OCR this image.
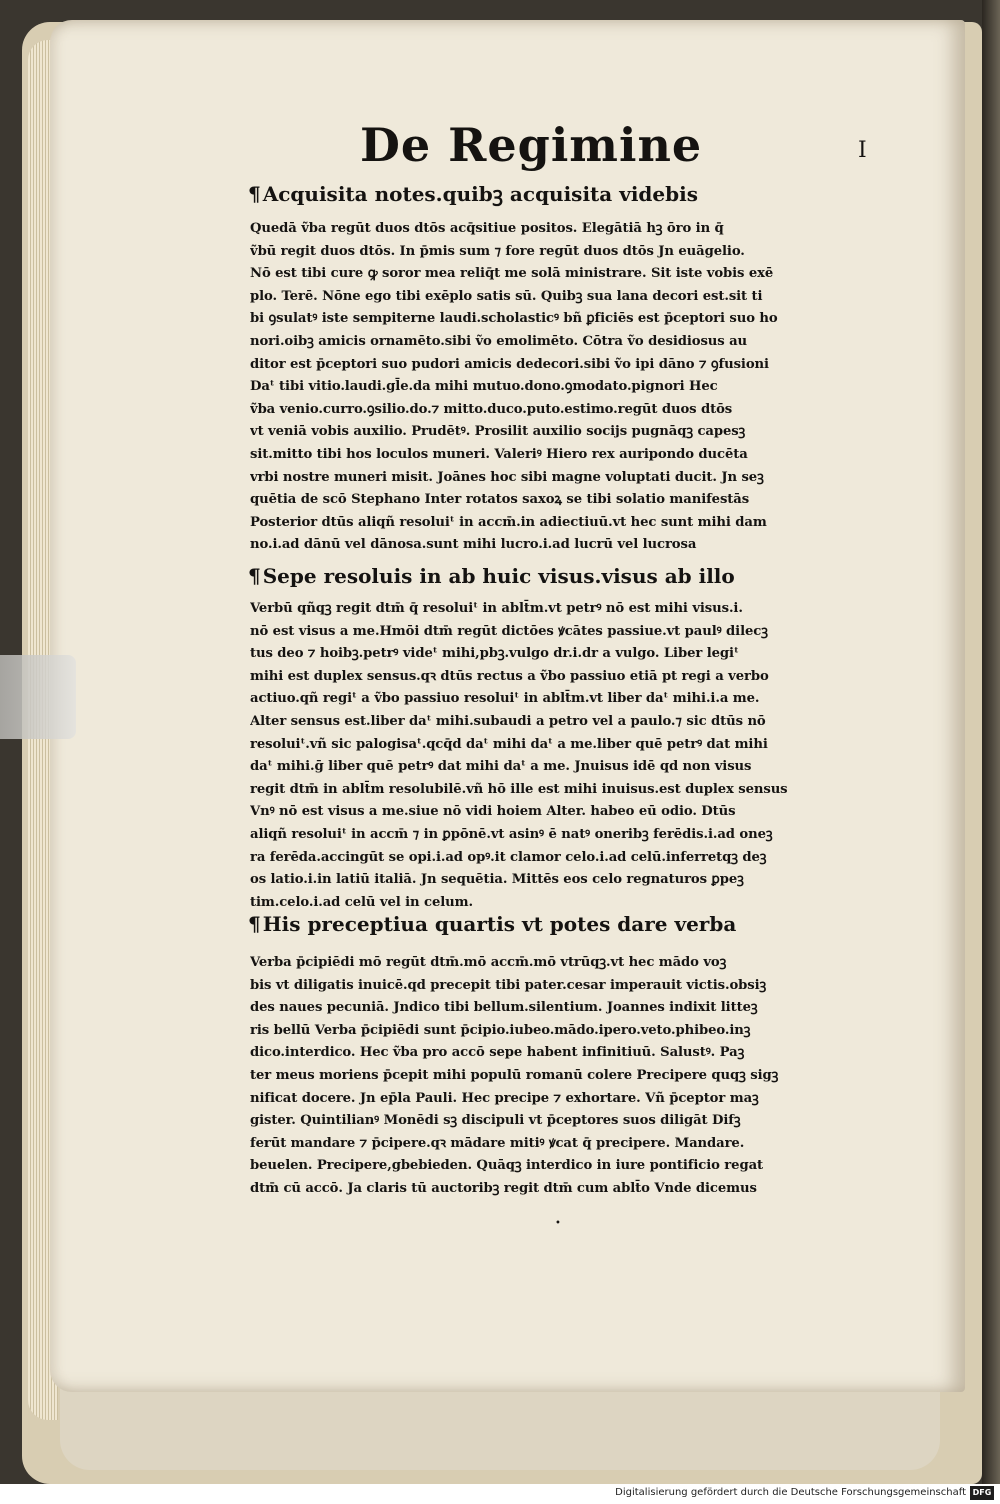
De Regimine	I
¶ Acquisita notes.quibꝫ acquisita videbis
Quedā ṽba regūt duos dtōs acq̄sitiue positos. Elegātiā hꝫ ōro in q̄
ṽbū regit duos dtōs. In p̄mis sum ⁊ fore regūt duos dtōs Jn euāgelio.
Nō est tibi cure ꝙ soror mea reliq̄t me solā ministrare. Sit iste vobis exē
plo. Terē. Nōne ego tibi exēplo satis sū. Quibꝫ sua lana decori est.sit ti
bi ꝯsulatꝰ iste sempiterne laudi.scholasticꝰ bñ ꝑficiēs est p̄ceptori suo ho
nori.oibꝫ amicis ornamēto.sibi ṽo emolimēto. Cōtra ṽo desidiosus au
ditor est p̄ceptori suo pudori amicis dedecori.sibi ṽo ipi dāno ⁊ ꝯfusioni
Daᵗ tibi vitio.laudi.gl̄e.da mihi mutuo.dono.ꝯmodato.pignori Hec
ṽba venio.curro.ꝯsilio.do.⁊ mitto.duco.puto.estimo.regūt duos dtōs
vt veniā vobis auxilio. Prudētꝰ. Prosilit auxilio socijs pugnāqꝫ capesꝫ
sit.mitto tibi hos loculos muneri. Valeriꝰ Hiero rex auripondo ducēta
vrbi nostre muneri misit. Joānes hoc sibi magne voluptati ducit. Jn seꝫ
quētia de scō Stephano Inter rotatos saxoꝝ se tibi solatio manifestās
Posterior dtūs aliqñ resoluiᵗ in accm̄.in adiectiuū.vt hec sunt mihi dam
no.i.ad dānū vel dānosa.sunt mihi lucro.i.ad lucrū vel lucrosa
¶ Sepe resoluis in ab huic visus.visus ab illo
Verbū qñqꝫ regit dtm̄ q̄ resoluiᵗ in ablt̄m.vt petrꝰ nō est mihi visus.i.
nō est visus a me.Hmōi dtm̄ regūt dictōes ꝟcātes passiue.vt paulꝰ dilecꝫ
tus deo ⁊ hoibꝫ.petrꝰ videᵗ mihi,pbꝫ.vulgo dr.i.dr a vulgo. Liber legiᵗ
mihi est duplex sensus.qꝛ dtūs rectus a ṽbo passiuo etiā pt regi a verbo
actiuo.qñ regiᵗ a ṽbo passiuo resoluiᵗ in ablt̄m.vt liber daᵗ mihi.i.a me.
Alter sensus est.liber daᵗ mihi.subaudi a petro vel a paulo.⁊ sic dtūs nō
resoluiᵗ.vñ sic palogisaᵗ.qcq̄d daᵗ mihi daᵗ a me.liber quē petrꝰ dat mihi
daᵗ mihi.ḡ liber quē petrꝰ dat mihi daᵗ a me. Jnuisus idē qd non visus
regit dtm̄ in ablt̄m resolubilē.vñ hō ille est mihi inuisus.est duplex sensus
Vnꝰ nō est visus a me.siue nō vidi hoiem Alter. habeo eū odio. Dtūs
aliqñ resoluiᵗ in accm̄ ⁊ in ꝑpōnē.vt asinꝰ ē natꝰ oneribꝫ ferēdis.i.ad oneꝫ
ra ferēda.accingūt se opi.i.ad opꝰ.it clamor celo.i.ad celū.inferretqꝫ deꝫ
os latio.i.in latiū italiā. Jn sequētia. Mittēs eos celo regnaturos ꝑpeꝫ
tim.celo.i.ad celū vel in celum.
¶ His preceptiua quartis vt potes dare verba
Verba p̄cipiēdi mō regūt dtm̄.mō accm̄.mō vtrūqꝫ.vt hec mādo voꝫ
bis vt diligatis inuicē.qd precepit tibi pater.cesar imperauit victis.obsiꝫ
des naues pecuniā. Jndico tibi bellum.silentium. Joannes indixit litteꝫ
ris bellū Verba p̄cipiēdi sunt p̄cipio.iubeo.mādo.ipero.veto.phibeo.inꝫ
dico.interdico. Hec ṽba pro accō sepe habent infinitiuū. Salustꝰ. Paꝫ
ter meus moriens p̄cepit mihi populū romanū colere Precipere quqꝫ sigꝫ
nificat docere. Jn ep̄la Pauli. Hec precipe ⁊ exhortare. Vñ p̄ceptor maꝫ
gister. Quintilianꝰ Monēdi sꝫ discipuli vt p̄ceptores suos diligāt Difꝫ
ferūt mandare ⁊ p̄cipere.qꝛ mādare mitiꝰ ꝟcat q̄ precipere. Mandare.
beuelen. Precipere,gbebieden. Quāqꝫ interdico in iure pontificio regat
dtm̄ cū accō. Ja claris tū auctoribꝫ regit dtm̄ cum ablt̄o Vnde dicemus
•
Digitalisierung gefördert durch die Deutsche Forschungsgemeinschaft DFG
